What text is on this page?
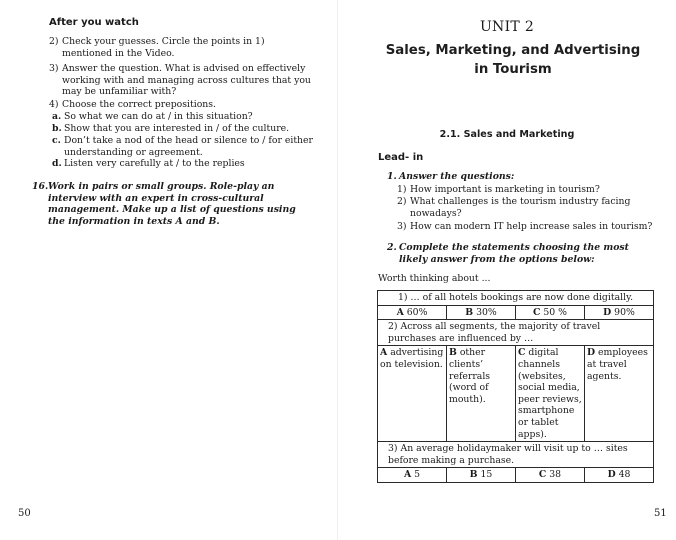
After you watch
2) Check your guesses. Circle the points in 1) mentioned in the Video.
3) Answer the question. What is advised on effectively working with and managing across cultures that you may be unfamiliar with?
4) Choose the correct prepositions.
a. So what we can do at / in this situation?
b. Show that you are interested in / of the culture.
c. Don’t take a nod of the head or silence to / for either understanding or agreement.
d. Listen very carefully at / to the replies
16. Work in pairs or small groups. Role-play an interview with an expert in cross-cultural management. Make up a list of questions using the information in texts A and B.
50
UNIT 2
Sales, Marketing, and Advertising in Tourism
2.1. Sales and Marketing
Lead- in
1. Answer the questions:
1) How important is marketing in tourism?
2) What challenges is the tourism industry facing nowadays?
3) How can modern IT help increase sales in tourism?
2. Complete the statements choosing the most likely answer from the options below:
Worth thinking about ...
1) … of all hotels bookings are now done digitally.			
A 60%	B 30%	C 50 %	D 90%
2) Across all segments, the majority of travel purchases are influenced by …			
A advertising on television.	B other clients’ referrals (word of mouth).	C digital channels (websites, social media, peer reviews, smartphone or tablet apps).	D employees at travel agents.
3) An average holidaymaker will visit up to … sites before making a purchase.			
A 5	B 15	C 38	D 48
51
